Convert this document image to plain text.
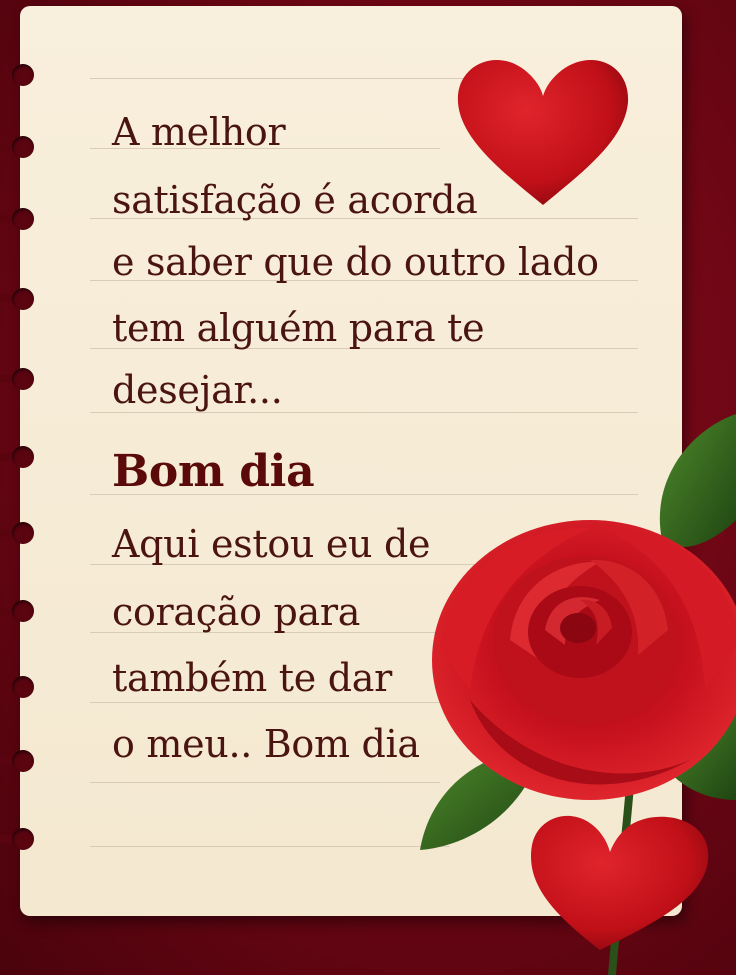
A melhor
satisfação é acorda
e saber que do outro lado
tem alguém para te
desejar...
Bom dia
Aqui estou eu de
coração para
também te dar
o meu.. Bom dia
